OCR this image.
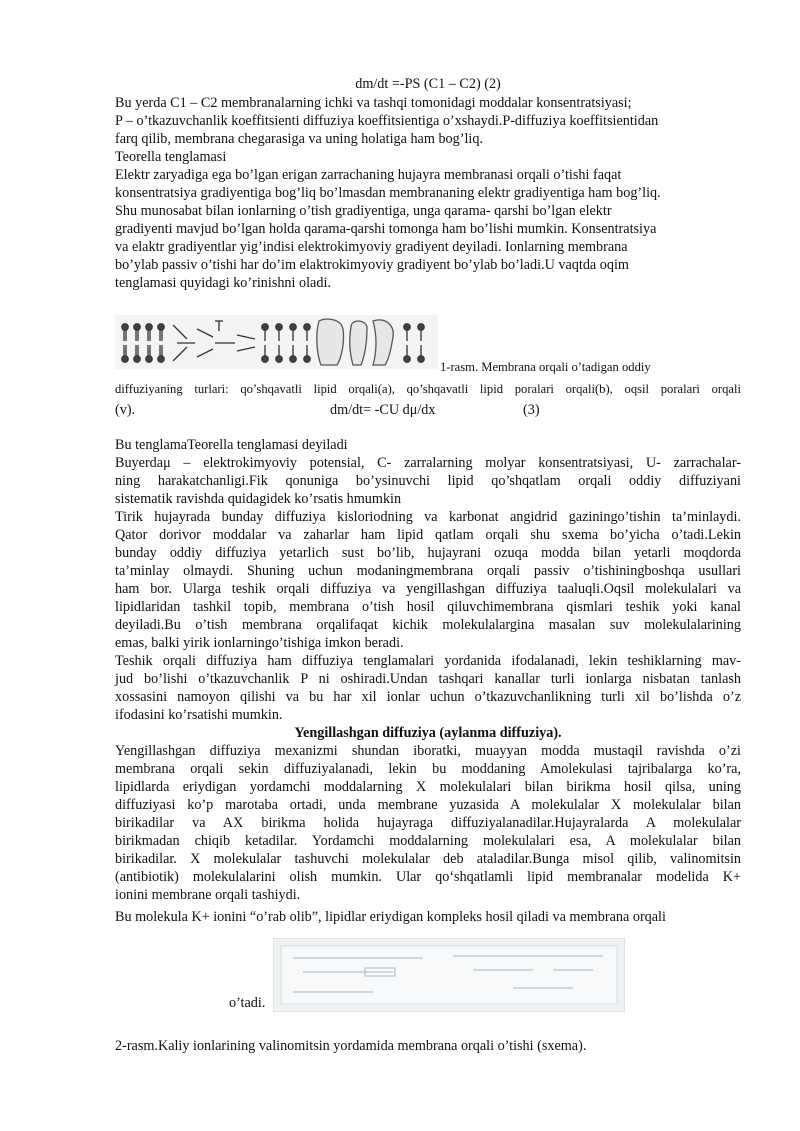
dm/dt =-PS (C1 – C2) (2)
Bu yerda C1 – C2 membranalarning ichki va tashqi tomonidagi moddalar konsentratsiyasi;
P – o’tkazuvchanlik koeffitsienti diffuziya koeffitsientiga o’xshaydi.P-diffuziya koeffitsientidan
farq qilib, membrana chegarasiga va uning holatiga ham bog’liq.
Teorella tenglamasi
Elektr zaryadiga ega bo’lgan erigan zarrachaning hujayra membranasi orqali o’tishi faqat
konsentratsiya gradiyentiga bog’liq bo’lmasdan membrananing elektr gradiyentiga ham bog’liq.
Shu munosabat bilan ionlarning o’tish gradiyentiga, unga qarama- qarshi bo’lgan elektr
gradiyenti mavjud bo’lgan holda qarama-qarshi tomonga ham bo’lishi mumkin. Konsentratsiya
va elaktr gradiyentlar yig’indisi elektrokimyoviy gradiyent deyiladi. Ionlarning membrana
bo’ylab passiv o’tishi har do’im elaktrokimyoviy gradiyent bo’ylab bo’ladi.U vaqtda oqim
tenglamasi quyidagi ko’rinishni oladi.
1-rasm. Membrana orqali o’tadigan oddiy
diffuziyaning turlari: qo’shqavatli lipid orqali(a), qo’shqavatli lipid poralari orqali(b), oqsil poralari orqali
(v).	dm/dt= -CU dμ/dx	(3)
Bu tenglamaTeorella tenglamasi deyiladi
Buyerdaμ – elektrokimyoviy potensial, C- zarralarning molyar konsentratsiyasi, U- zarrachalar-
ning harakatchanligi.Fik qonuniga bo’ysinuvchi lipid qo’shqatlam orqali oddiy diffuziyani
sistematik ravishda quidagidek ko’rsatis hmumkin
Tirik hujayrada bunday diffuziya kisloriodning va karbonat angidrid gaziningo’tishin ta’minlaydi.
Qator dorivor moddalar va zaharlar ham lipid qatlam orqali shu sxema bo’yicha o’tadi.Lekin
bunday oddiy diffuziya yetarlich sust bo’lib, hujayrani ozuqa modda bilan yetarli moqdorda
ta’minlay olmaydi. Shuning uchun modaningmembrana orqali passiv o’tishiningboshqa usullari
ham bor. Ularga teshik orqali diffuziya va yengillashgan diffuziya taaluqli.Oqsil molekulalari va
lipidlaridan tashkil topib, membrana o’tish hosil qiluvchimembrana qismlari teshik yoki kanal
deyiladi.Bu o’tish membrana orqalifaqat kichik molekulalargina masalan suv molekulalarining
emas, balki yirik ionlarningo’tishiga imkon beradi.
Teshik orqali diffuziya ham diffuziya tenglamalari yordanida ifodalanadi, lekin teshiklarning mav-
jud bo’lishi o’tkazuvchanlik P ni oshiradi.Undan tashqari kanallar turli ionlarga nisbatan tanlash
xossasini namoyon qilishi va bu har xil ionlar uchun o’tkazuvchanlikning turli xil bo’lishda o’z
ifodasini ko’rsatishi mumkin.
Yengillashgan diffuziya (aylanma diffuziya).
Yengillashgan diffuziya mexanizmi shundan iboratki, muayyan modda mustaqil ravishda o’zi
membrana orqali sekin diffuziyalanadi, lekin bu moddaning Amolekulasi tajribalarga ko’ra,
lipidlarda eriydigan yordamchi moddalarning X molekulalari bilan birikma hosil qilsa, uning
diffuziyasi ko’p marotaba ortadi, unda membrane yuzasida A molekulalar X molekulalar bilan
birikadilar va AX birikma holida hujayraga diffuziyalanadilar.Hujayralarda A molekulalar
birikmadan chiqib ketadilar. Yordamchi moddalarning molekulalari esa, A molekulalar bilan
birikadilar. X molekulalar tashuvchi molekulalar deb ataladilar.Bunga misol qilib, valinomitsin
(antibiotik) molekulalarini olish mumkin. Ular qo‘shqatlamli lipid membranalar modelida K+
ionini membrane orqali tashiydi.
Bu molekula K+ ionini “o’rab olib”, lipidlar eriydigan kompleks hosil qiladi va membrana orqali
o’tadi.
2-rasm.Kaliy ionlarining valinomitsin yordamida membrana orqali o’tishi (sxema).
